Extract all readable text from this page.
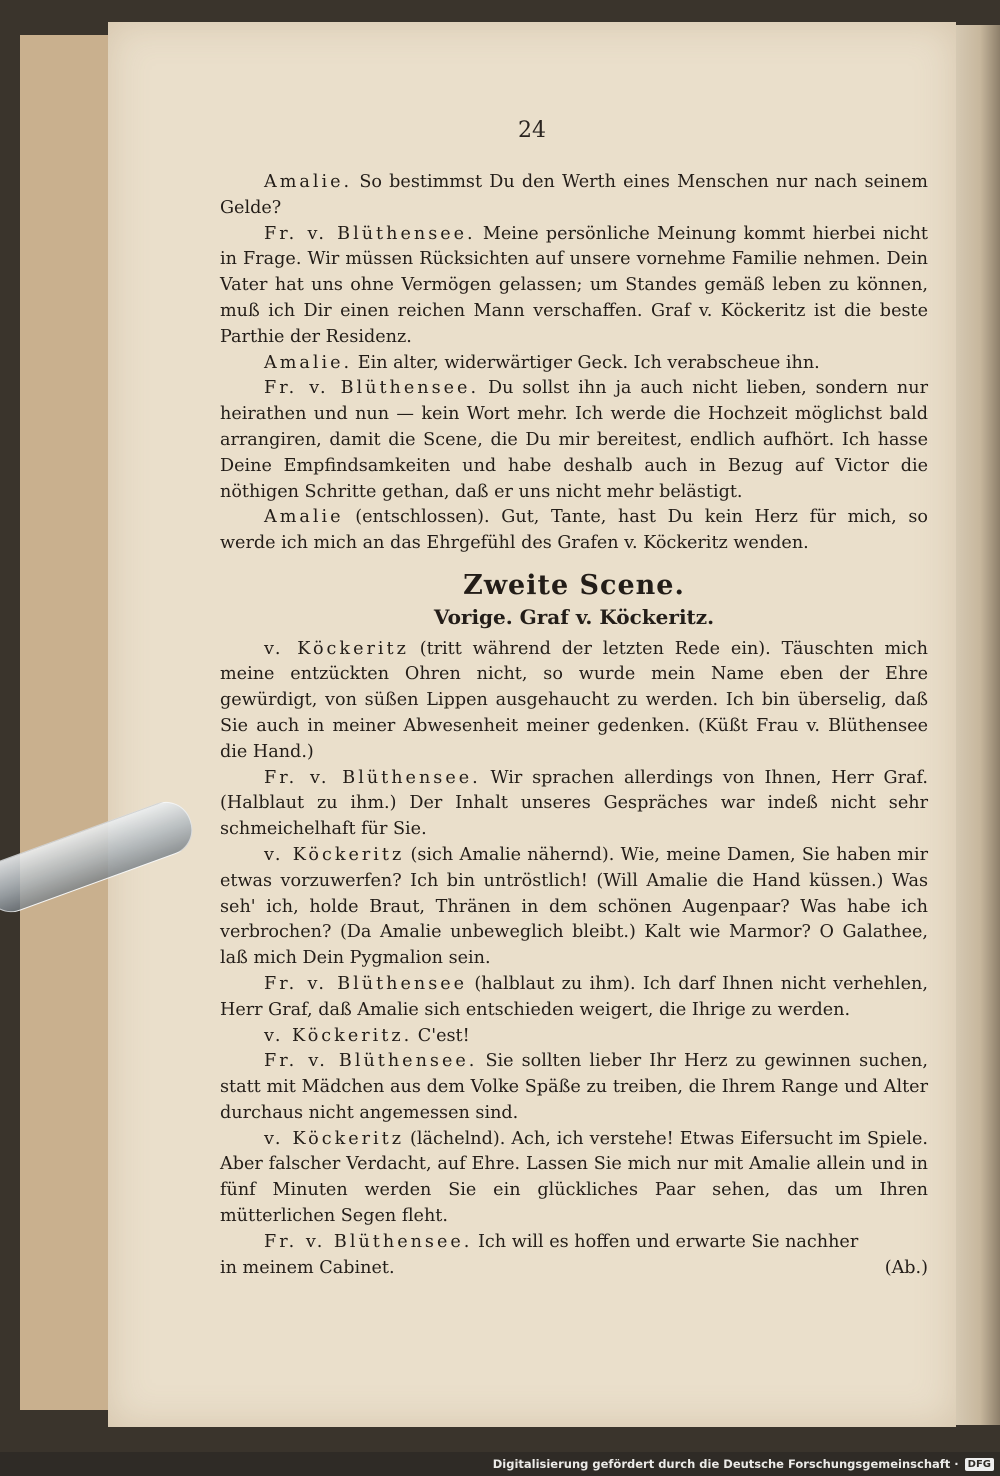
24

Amalie. So bestimmst Du den Werth eines Menschen nur nach seinem Gelde?

Fr. v. Blüthensee. Meine persönliche Meinung kommt hierbei nicht in Frage. Wir müssen Rücksichten auf unsere vornehme Familie nehmen. Dein Vater hat uns ohne Vermögen gelassen; um Standes gemäß leben zu können, muß ich Dir einen reichen Mann verschaffen. Graf v. Köckeritz ist die beste Parthie der Residenz.

Amalie. Ein alter, widerwärtiger Geck. Ich verabscheue ihn.

Fr. v. Blüthensee. Du sollst ihn ja auch nicht lieben, sondern nur heirathen und nun — kein Wort mehr. Ich werde die Hochzeit möglichst bald arrangiren, damit die Scene, die Du mir bereitest, endlich aufhört. Ich hasse Deine Empfindsamkeiten und habe deshalb auch in Bezug auf Victor die nöthigen Schritte gethan, daß er uns nicht mehr belästigt.

Amalie (entschlossen). Gut, Tante, hast Du kein Herz für mich, so werde ich mich an das Ehrgefühl des Grafen v. Köckeritz wenden.

Zweite Scene.
Vorige. Graf v. Köckeritz.

v. Köckeritz (tritt während der letzten Rede ein). Täuschten mich meine entzückten Ohren nicht, so wurde mein Name eben der Ehre gewürdigt, von süßen Lippen ausgehaucht zu werden. Ich bin überselig, daß Sie auch in meiner Abwesenheit meiner gedenken. (Küßt Frau v. Blüthensee die Hand.)

Fr. v. Blüthensee. Wir sprachen allerdings von Ihnen, Herr Graf. (Halblaut zu ihm.) Der Inhalt unseres Gespräches war indeß nicht sehr schmeichelhaft für Sie.

v. Köckeritz (sich Amalie nähernd). Wie, meine Damen, Sie haben mir etwas vorzuwerfen? Ich bin untröstlich! (Will Amalie die Hand küssen.) Was seh' ich, holde Braut, Thränen in dem schönen Augenpaar? Was habe ich verbrochen? (Da Amalie unbeweglich bleibt.) Kalt wie Marmor? O Galathee, laß mich Dein Pygmalion sein.

Fr. v. Blüthensee (halblaut zu ihm). Ich darf Ihnen nicht verhehlen, Herr Graf, daß Amalie sich entschieden weigert, die Ihrige zu werden.

v. Köckeritz. C'est!

Fr. v. Blüthensee. Sie sollten lieber Ihr Herz zu gewinnen suchen, statt mit Mädchen aus dem Volke Späße zu treiben, die Ihrem Range und Alter durchaus nicht angemessen sind.

v. Köckeritz (lächelnd). Ach, ich verstehe! Etwas Eifersucht im Spiele. Aber falscher Verdacht, auf Ehre. Lassen Sie mich nur mit Amalie allein und in fünf Minuten werden Sie ein glückliches Paar sehen, das um Ihren mütterlichen Segen fleht.

Fr. v. Blüthensee. Ich will es hoffen und erwarte Sie nachher

in meinem Cabinet.	(Ab.)
Digitalisierung gefördert durch die Deutsche Forschungsgemeinschaft · DFG
